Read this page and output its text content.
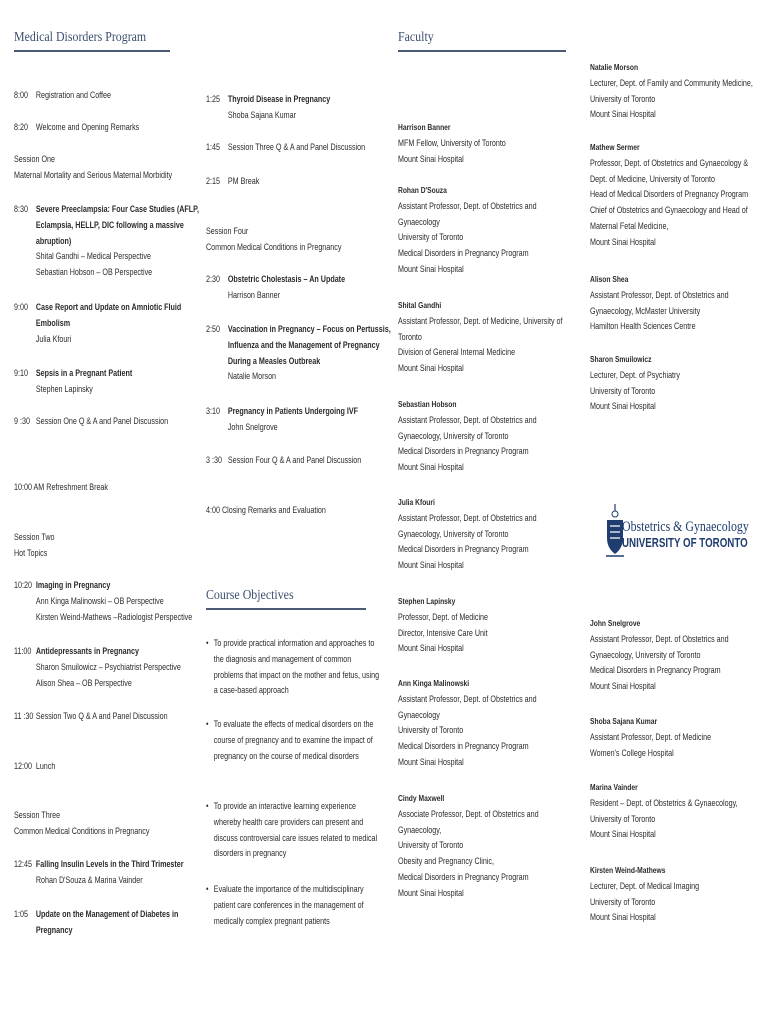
Medical Disorders Program	Faculty
Course Objectives
8:00 Registration and Coffee
8:20 Welcome and Opening Remarks
Session One
Maternal Mortality and Serious Maternal Morbidity
8:30 Severe Preeclampsia: Four Case Studies (AFLP,
Eclampsia, HELLP, DIC following a massive
abruption)
Shital Gandhi – Medical Perspective
Sebastian Hobson – OB Perspective
9:00 Case Report and Update on Amniotic Fluid
Embolism
Julia Kfouri
9:10 Sepsis in a Pregnant Patient
Stephen Lapinsky
9 :30 Session One Q & A and Panel Discussion
10:00 AM Refreshment Break
Session Two
Hot Topics
10:20 Imaging in Pregnancy
Ann Kinga Malinowski – OB Perspective
Kirsten Weind-Mathews –Radiologist Perspective
11:00 Antidepressants in Pregnancy
Sharon Smuilowicz – Psychiatrist Perspective
Alison Shea – OB Perspective
11 :30 Session Two Q & A and Panel Discussion
12:00 Lunch
Session Three
Common Medical Conditions in Pregnancy
12:45 Falling Insulin Levels in the Third Trimester
Rohan D'Souza & Marina Vainder
1:05 Update on the Management of Diabetes in
Pregnancy
1:25 Thyroid Disease in Pregnancy
Shoba Sajana Kumar
1:45 Session Three Q & A and Panel Discussion
2:15 PM Break
Session Four
Common Medical Conditions in Pregnancy
2:30 Obstetric Cholestasis – An Update
Harrison Banner
2:50 Vaccination in Pregnancy – Focus on Pertussis,
Influenza and the Management of Pregnancy
During a Measles Outbreak
Natalie Morson
3:10 Pregnancy in Patients Undergoing IVF
John Snelgrove
3 :30 Session Four Q & A and Panel Discussion
4:00 Closing Remarks and Evaluation
• To provide practical information and approaches to
the diagnosis and management of common
problems that impact on the mother and fetus, using
a case-based approach
• To evaluate the effects of medical disorders on the
course of pregnancy and to examine the impact of
pregnancy on the course of medical disorders
• To provide an interactive learning experience
whereby health care providers can present and
discuss controversial care issues related to medical
disorders in pregnancy
• Evaluate the importance of the multidisciplinary
patient care conferences in the management of
medically complex pregnant patients
Harrison Banner
MFM Fellow, University of Toronto
Mount Sinai Hospital
Rohan D'Souza
Assistant Professor, Dept. of Obstetrics and
Gynaecology
University of Toronto
Medical Disorders in Pregnancy Program
Mount Sinai Hospital
Shital Gandhi
Assistant Professor, Dept. of Medicine, University of
Toronto
Division of General Internal Medicine
Mount Sinai Hospital
Sebastian Hobson
Assistant Professor, Dept. of Obstetrics and
Gynaecology, University of Toronto
Medical Disorders in Pregnancy Program
Mount Sinai Hospital
Julia Kfouri
Assistant Professor, Dept. of Obstetrics and
Gynaecology, University of Toronto
Medical Disorders in Pregnancy Program
Mount Sinai Hospital
Stephen Lapinsky
Professor, Dept. of Medicine
Director, Intensive Care Unit
Mount Sinai Hospital
Ann Kinga Malinowski
Assistant Professor, Dept. of Obstetrics and
Gynaecology
University of Toronto
Medical Disorders in Pregnancy Program
Mount Sinai Hospital
Cindy Maxwell
Associate Professor, Dept. of Obstetrics and
Gynaecology,
University of Toronto
Obesity and Pregnancy Clinic,
Medical Disorders in Pregnancy Program
Mount Sinai Hospital
Natalie Morson
Lecturer, Dept. of Family and Community Medicine,
University of Toronto
Mount Sinai Hospital
Mathew Sermer
Professor, Dept. of Obstetrics and Gynaecology &
Dept. of Medicine, University of Toronto
Head of Medical Disorders of Pregnancy Program
Chief of Obstetrics and Gynaecology and Head of
Maternal Fetal Medicine,
Mount Sinai Hospital
Alison Shea
Assistant Professor, Dept. of Obstetrics and
Gynaecology, McMaster University
Hamilton Health Sciences Centre
Sharon Smuilowicz
Lecturer, Dept. of Psychiatry
University of Toronto
Mount Sinai Hospital
John Snelgrove
Assistant Professor, Dept. of Obstetrics and
Gynaecology, University of Toronto
Medical Disorders in Pregnancy Program
Mount Sinai Hospital
Shoba Sajana Kumar
Assistant Professor, Dept. of Medicine
Women's College Hospital
Marina Vainder
Resident – Dept. of Obstetrics & Gynaecology,
University of Toronto
Mount Sinai Hospital
Kirsten Weind-Mathews
Lecturer, Dept. of Medical Imaging
University of Toronto
Mount Sinai Hospital
Obstetrics & Gynaecology
UNIVERSITY OF TORONTO
